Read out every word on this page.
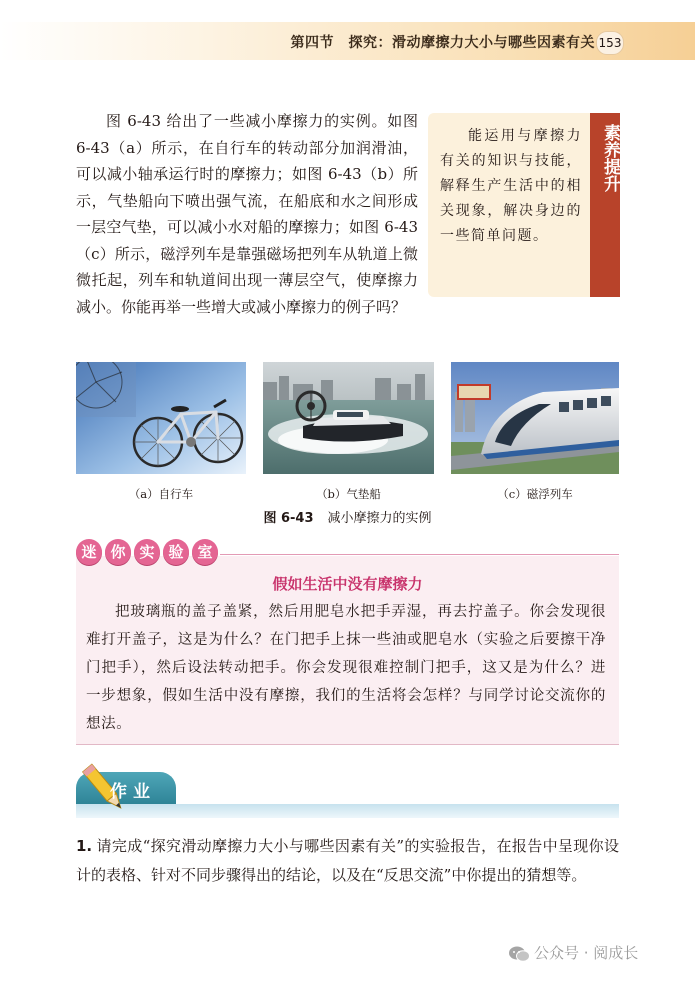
第四节　探究：滑动摩擦力大小与哪些因素有关 153

图 6-43 给出了一些减小摩擦力的实例。如图 6-43（a）所示，在自行车的转动部分加润滑油，可以减小轴承运行时的摩擦力；如图 6-43（b）所示，气垫船向下喷出强气流，在船底和水之间形成一层空气垫，可以减小水对船的摩擦力；如图 6-43（c）所示，磁浮列车是靠强磁场把列车从轨道上微微托起，列车和轨道间出现一薄层空气，使摩擦力减小。你能再举一些增大或减小摩擦力的例子吗？

能运用与摩擦力有关的知识与技能，解释生产生活中的相关现象，解决身边的一些简单问题。
素养提升
（a）自行车	（b）气垫船	（c）磁浮列车
图 6-43 减小摩擦力的实例
迷 你 实 验 室
假如生活中没有摩擦力

把玻璃瓶的盖子盖紧，然后用肥皂水把手弄湿，再去拧盖子。你会发现很难打开盖子，这是为什么？在门把手上抹一些油或肥皂水（实验之后要擦干净门把手），然后设法转动把手。你会发现很难控制门把手，这又是为什么？进一步想象，假如生活中没有摩擦，我们的生活将会怎样？与同学讨论交流你的想法。

作业
1. 请完成“探究滑动摩擦力大小与哪些因素有关”的实验报告，在报告中呈现你设计的表格、针对不同步骤得出的结论，以及在“反思交流”中你提出的猜想等。
公众号 · 阅成长
